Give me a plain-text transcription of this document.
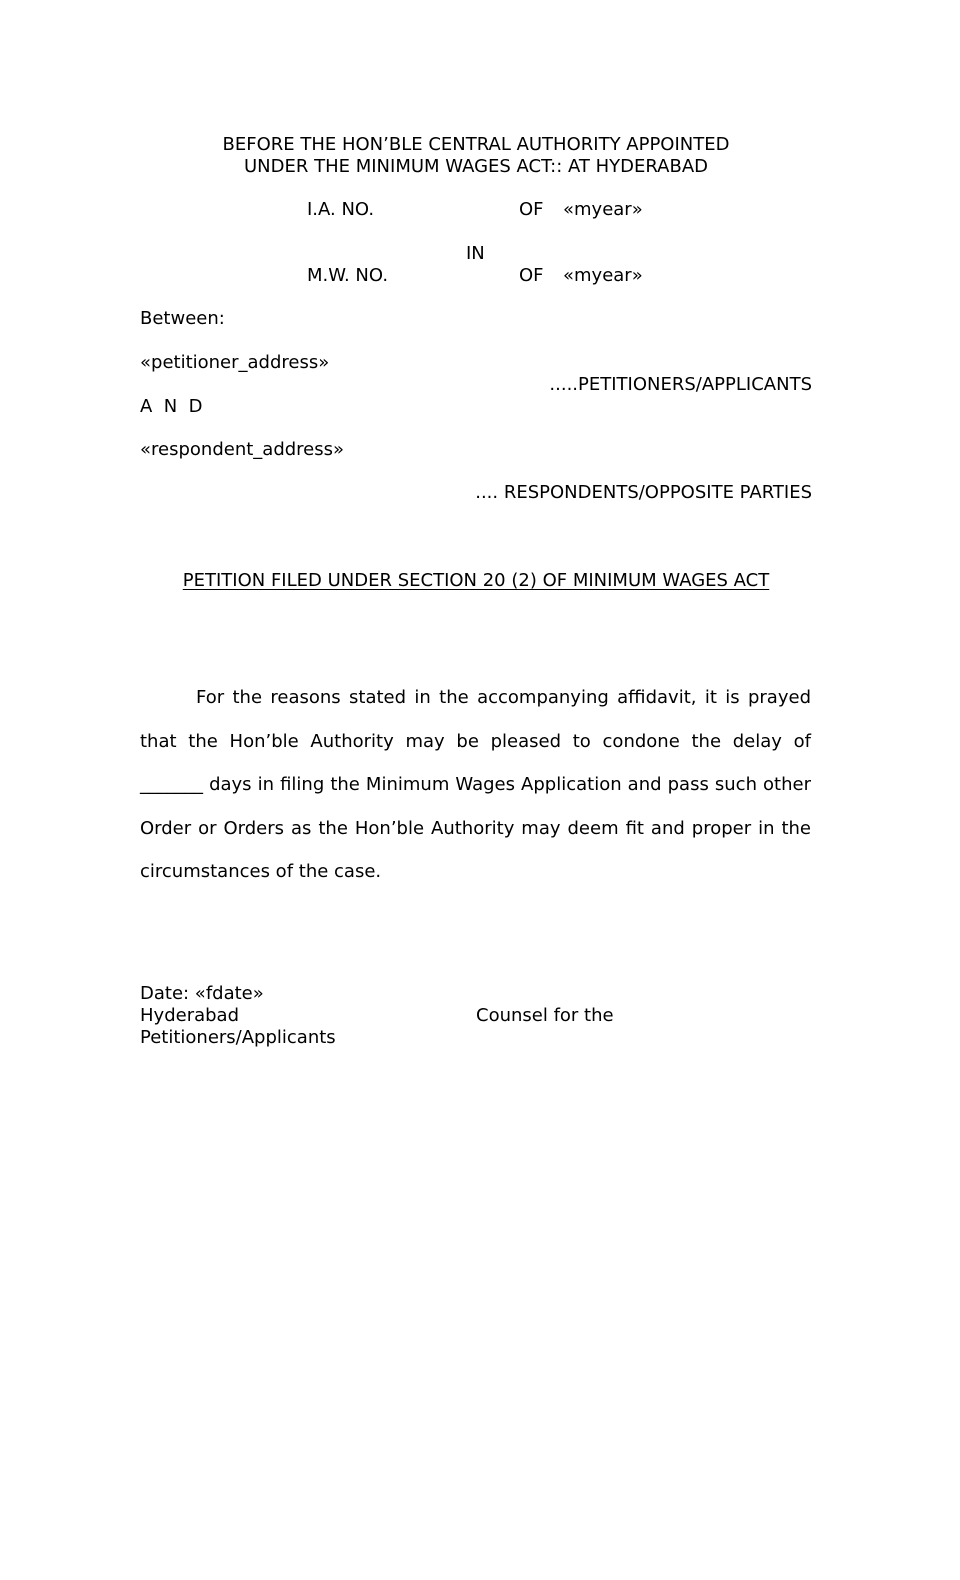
BEFORE THE HON’BLE CENTRAL AUTHORITY APPOINTED
UNDER THE MINIMUM WAGES ACT:: AT HYDERABAD
I.A. NO.	OF «myear»
IN
M.W. NO.	OF «myear»
Between:
«petitioner_address»
.....PETITIONERS/APPLICANTS
A  N  D
«respondent_address»
.... RESPONDENTS/OPPOSITE PARTIES
PETITION FILED UNDER SECTION 20 (2) OF MINIMUM WAGES ACT
For the reasons stated in the accompanying affidavit, it is prayed that the Hon’ble Authority may be pleased to condone the delay of _______ days in filing the Minimum Wages Application and pass such other Order or Orders as the Hon’ble Authority may deem fit and proper in the circumstances of the case.
Date: «fdate»
Hyderabad	Counsel for the
Petitioners/Applicants
